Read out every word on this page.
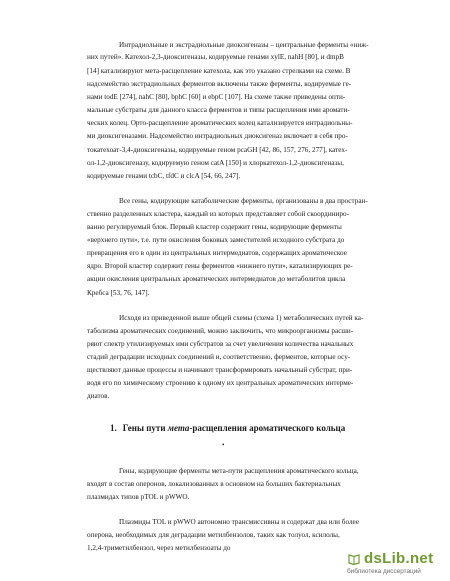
Интрадиольные и экстрадиольные диоксигеназы – центральные ферменты «ниж-
них путей». Катехол-2,3-диоксигеназы, кодируемые генами xylE, nahH [80], и dmpB
[14] катализируют мета-расщепление катехола, как это указано стрелками на схеме. В
надсемейство экстрадиольных ферментов включены также ферменты, кодируемые ге-
нами todE [274], nahC [80], bphC [60] и ebpC [107]. На схеме также приведены опти-
мальные субстраты для данного класса ферментов и типы расщепления ими аромати-
ческих колец. Орто-расщепление ароматических колец катализируется интрадиольны-
ми диоксигеназами. Надсемейство интрадиольных диоксигеназ включает в себя про-
токатехоат-3,4-диоксигеназы, кодируемые геном pcaGH [42, 86, 157, 276, 277], катех-
ол-1,2-диоксигеназу, кодируемую геном catA [150] и хлоркатехол-1,2-диоксигеназы,
кодируемые генами tcbC, tfdC и clcA [54, 66, 247].
Все гены, кодирующие катаболические ферменты, организованы в два простран-
ственно разделенных кластера, каждый из которых представляет собой скоординиро-
ванно регулируемый блок. Первый кластер содержит гены, кодирующие ферменты
«верхнего пути», т.е. пути окисления боковых заместителей исходного субстрата до
превращения его в один из центральных интермедиатов, содержащих ароматическое
ядро. Второй кластер содержит гены ферментов «нижнего пути», катализирующих ре-
акции окисления центральных ароматических интермедиатов до метаболитов цикла
Кребса [53, 76, 147].
Исходя из приведенной выше общей схемы (схема 1) метаболических путей ка-
таболизма ароматических соединений, можно заключить, что микроорганизмы расши-
ряют спектр утилизируемых ими субстратов за счет увеличения количества начальных
стадий деградации исходных соединений и, соответственно, ферментов, которые осу-
ществляют данные процессы и начинают трансформировать начальный субстрат, при-
водя его по химическому строению к одному их центральных ароматических интерме-
диатов.
1. Гены пути мета-расщепления ароматического кольца
•
Гены, кодирующие ферменты мета-пути расщепления ароматического кольца,
входят в состав оперонов, локализованных в основном на больших бактериальных
плазмидах типов pTOL и pWWO.
Плазмиды TOL и pWWO автономно трансмиссивны и содержат два или более
оперона, необходимых для деградации метилбензолов, таких как толуол, ксилолы,
1,2,4-триметилбензол, через метилбензоаты до
dsLib.net
библиотека диссертаций
